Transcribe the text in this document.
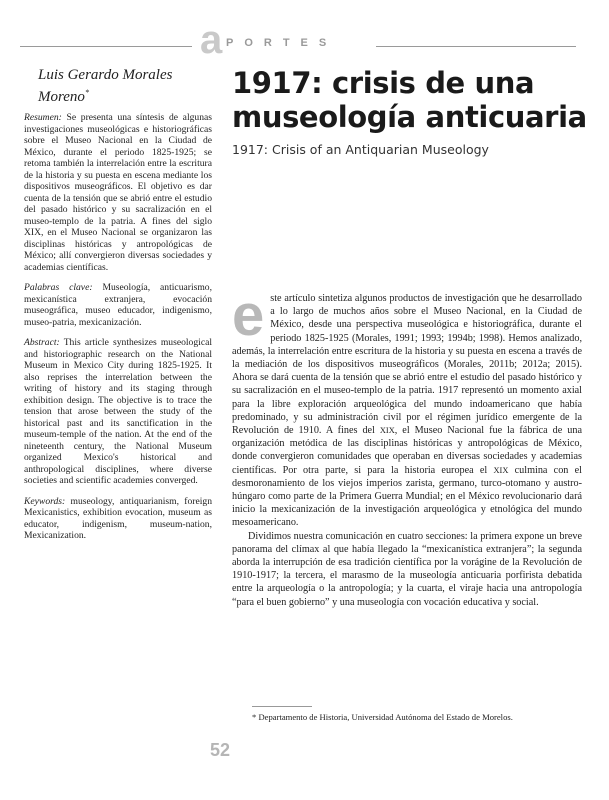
a PORTES
Luis Gerardo Morales Moreno*

Resumen: Se presenta una síntesis de algunas investigaciones museológicas e historiográficas sobre el Museo Nacional en la Ciudad de México, durante el periodo 1825-1925; se retoma también la interrelación entre la escritura de la historia y su puesta en escena mediante los dispositivos museográficos. El objetivo es dar cuenta de la tensión que se abrió entre el estudio del pasado histórico y su sacralización en el museo-templo de la patria. A fines del siglo XIX, en el Museo Nacional se organizaron las disciplinas históricas y antropológicas de México; allí convergieron diversas sociedades y academias científicas.

Palabras clave: Museología, anticuarismo, mexicanística extranjera, evocación museográfica, museo educador, indigenismo, museo-patria, mexicanización.

Abstract: This article synthesizes museological and historiographic research on the National Museum in Mexico City during 1825-1925. It also reprises the interrelation between the writing of history and its staging through exhibition design. The objective is to trace the tension that arose between the study of the historical past and its sanctification in the museum-temple of the nation. At the end of the nineteenth century, the National Museum organized Mexico's historical and anthropological disciplines, where diverse societies and scientific academies converged.

Keywords: museology, antiquarianism, foreign Mexicanistics, exhibition evocation, museum as educator, indigenism, museum-nation, Mexicanization.

1917: crisis de una museología anticuaria
1917: Crisis of an Antiquarian Museology

este artículo sintetiza algunos productos de investigación que he desarrollado a lo largo de muchos años sobre el Museo Nacional, en la Ciudad de México, desde una perspectiva museológica e historiográfica, durante el periodo 1825-1925 (Morales, 1991; 1993; 1994b; 1998). Hemos analizado, además, la interrelación entre escritura de la historia y su puesta en escena a través de la mediación de los dispositivos museográficos (Morales, 2011b; 2012a; 2015). Ahora se dará cuenta de la tensión que se abrió entre el estudio del pasado histórico y su sacralización en el museo-templo de la patria. 1917 representó un momento axial para la libre exploración arqueológica del mundo indoamericano que había predominado, y su administración civil por el régimen jurídico emergente de la Revolución de 1910. A fines del XIX, el Museo Nacional fue la fábrica de una organización metódica de las disciplinas históricas y antropológicas de México, donde convergieron comunidades que operaban en diversas sociedades y academias científicas. Por otra parte, si para la historia europea el XIX culmina con el desmoronamiento de los viejos imperios zarista, germano, turco-otomano y austro-húngaro como parte de la Primera Guerra Mundial; en el México revolucionario dará inicio la mexicanización de la investigación arqueológica y etnológica del mundo mesoamericano.

Dividimos nuestra comunicación en cuatro secciones: la primera expone un breve panorama del clímax al que había llegado la “mexicanística extranjera”; la segunda aborda la interrupción de esa tradición científica por la vorágine de la Revolución de 1910-1917; la tercera, el marasmo de la museología anticuaria porfirista debatida entre la arqueología o la antropología; y la cuarta, el viraje hacia una antropología “para el buen gobierno” y una museología con vocación educativa y social.

* Departamento de Historia, Universidad Autónoma del Estado de Morelos.
52
